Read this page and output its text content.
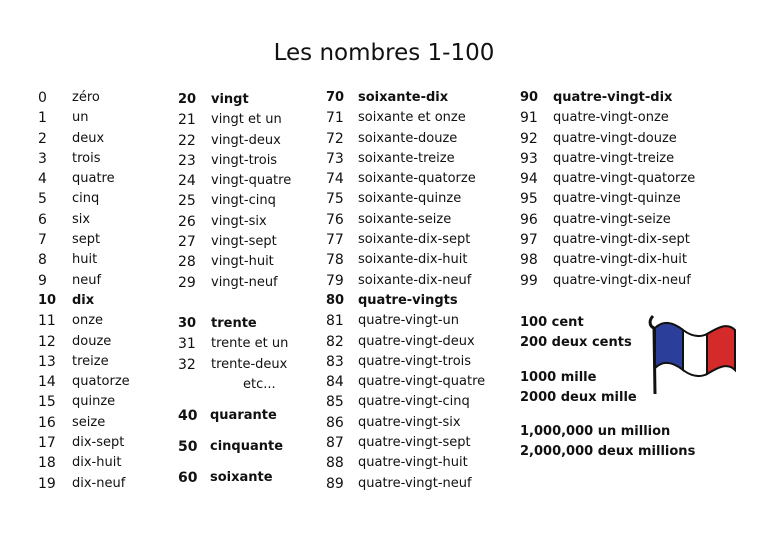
Les nombres 1-100
0 zéro
1 un
2 deux
3 trois
4 quatre
5 cinq
6 six
7 sept
8 huit
9 neuf
10 dix
11 onze
12 douze
13 treize
14 quatorze
15 quinze
16 seize
17 dix-sept
18 dix-huit
19 dix-neuf
20 vingt
21 vingt et un
22 vingt-deux
23 vingt-trois
24 vingt-quatre
25 vingt-cinq
26 vingt-six
27 vingt-sept
28 vingt-huit
29 vingt-neuf
30 trente
31 trente et un
32 trente-deux
etc...
40 quarante
50 cinquante
60 soixante
70 soixante-dix
71 soixante et onze
72 soixante-douze
73 soixante-treize
74 soixante-quatorze
75 soixante-quinze
76 soixante-seize
77 soixante-dix-sept
78 soixante-dix-huit
79 soixante-dix-neuf
80 quatre-vingts
81 quatre-vingt-un
82 quatre-vingt-deux
83 quatre-vingt-trois
84 quatre-vingt-quatre
85 quatre-vingt-cinq
86 quatre-vingt-six
87 quatre-vingt-sept
88 quatre-vingt-huit
89 quatre-vingt-neuf
90 quatre-vingt-dix
91 quatre-vingt-onze
92 quatre-vingt-douze
93 quatre-vingt-treize
94 quatre-vingt-quatorze
95 quatre-vingt-quinze
96 quatre-vingt-seize
97 quatre-vingt-dix-sept
98 quatre-vingt-dix-huit
99 quatre-vingt-dix-neuf
100 cent
200 deux cents
1000 mille
2000 deux mille
1,000,000 un million
2,000,000 deux millions
